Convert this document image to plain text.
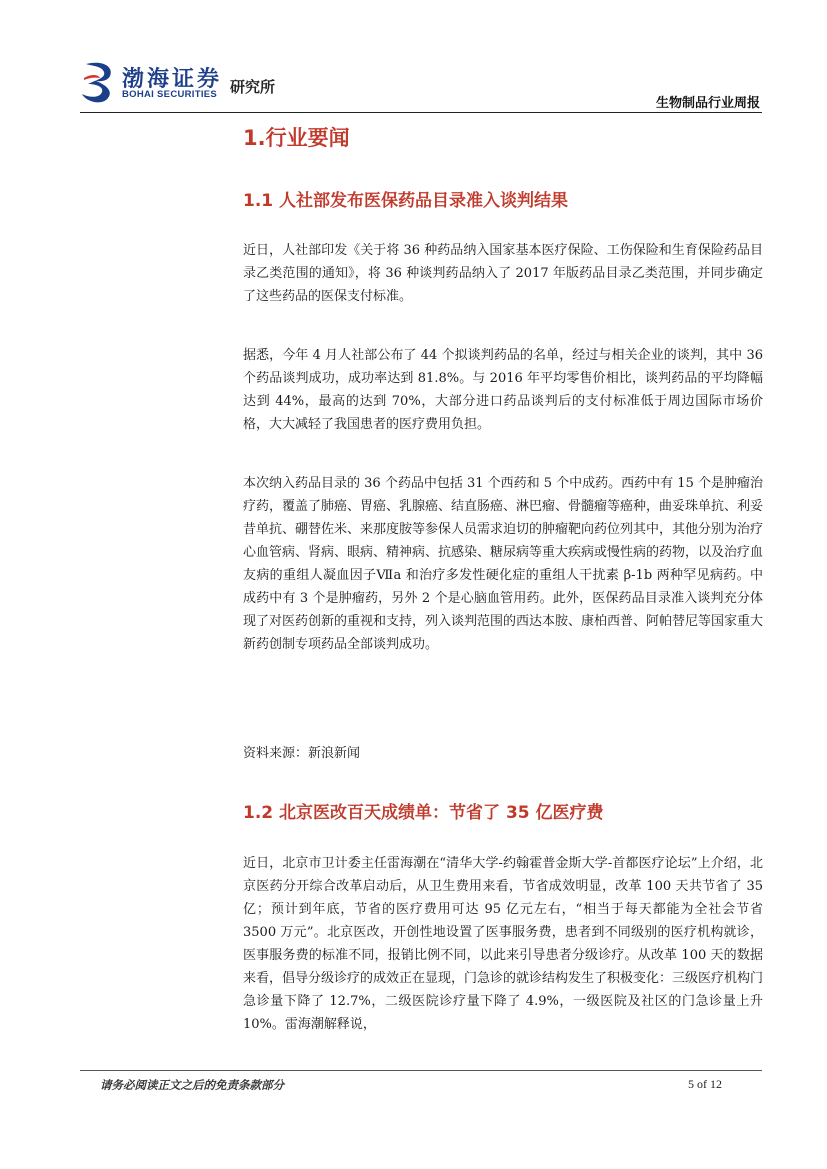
渤海证券
BOHAI SECURITIES 研究所
生物制品行业周报
1.行业要闻
1.1 人社部发布医保药品目录准入谈判结果

近日，人社部印发《关于将 36 种药品纳入国家基本医疗保险、工伤保险和生育保险药品目录乙类范围的通知》，将 36 种谈判药品纳入了 2017 年版药品目录乙类范围，并同步确定了这些药品的医保支付标准。

据悉，今年 4 月人社部公布了 44 个拟谈判药品的名单，经过与相关企业的谈判，其中 36 个药品谈判成功，成功率达到 81.8%。与 2016 年平均零售价相比，谈判药品的平均降幅达到 44%，最高的达到 70%，大部分进口药品谈判后的支付标准低于周边国际市场价格，大大减轻了我国患者的医疗费用负担。

本次纳入药品目录的 36 个药品中包括 31 个西药和 5 个中成药。西药中有 15 个是肿瘤治疗药，覆盖了肺癌、胃癌、乳腺癌、结直肠癌、淋巴瘤、骨髓瘤等癌种，曲妥珠单抗、利妥昔单抗、硼替佐米、来那度胺等参保人员需求迫切的肿瘤靶向药位列其中，其他分别为治疗心血管病、肾病、眼病、精神病、抗感染、糖尿病等重大疾病或慢性病的药物，以及治疗血友病的重组人凝血因子Ⅶa 和治疗多发性硬化症的重组人干扰素 β-1b 两种罕见病药。中成药中有 3 个是肿瘤药，另外 2 个是心脑血管用药。此外，医保药品目录准入谈判充分体现了对医药创新的重视和支持，列入谈判范围的西达本胺、康柏西普、阿帕替尼等国家重大新药创制专项药品全部谈判成功。

资料来源：新浪新闻
1.2 北京医改百天成绩单：节省了 35 亿医疗费

近日，北京市卫计委主任雷海潮在“清华大学-约翰霍普金斯大学-首都医疗论坛”上介绍，北京医药分开综合改革启动后，从卫生费用来看，节省成效明显，改革 100 天共节省了 35 亿；预计到年底，节省的医疗费用可达 95 亿元左右，“相当于每天都能为全社会节省 3500 万元”。北京医改，开创性地设置了医事服务费，患者到不同级别的医疗机构就诊，医事服务费的标准不同，报销比例不同，以此来引导患者分级诊疗。从改革 100 天的数据来看，倡导分级诊疗的成效正在显现，门急诊的就诊结构发生了积极变化：三级医疗机构门急诊量下降了 12.7%，二级医院诊疗量下降了 4.9%，一级医院及社区的门急诊量上升 10%。雷海潮解释说，

请务必阅读正文之后的免责条款部分	5 of 12
